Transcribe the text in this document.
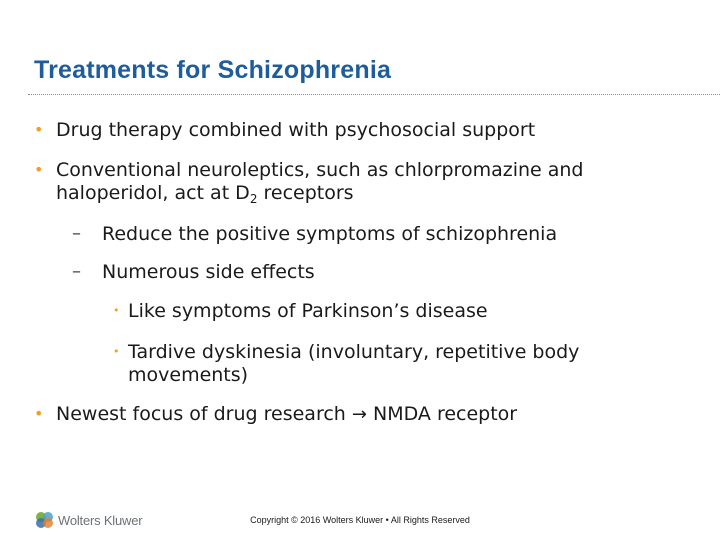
Treatments for Schizophrenia
• Drug therapy combined with psychosocial support
• Conventional neuroleptics, such as chlorpromazine and
haloperidol, act at $D_2$ receptors
– Reduce the positive symptoms of schizophrenia
– Numerous side effects
• Like symptoms of Parkinson’s disease
• Tardive dyskinesia (involuntary, repetitive body
movements)
• Newest focus of drug research → NMDA receptor
Wolters Kluwer	Copyright © 2016 Wolters Kluwer • All Rights Reserved
